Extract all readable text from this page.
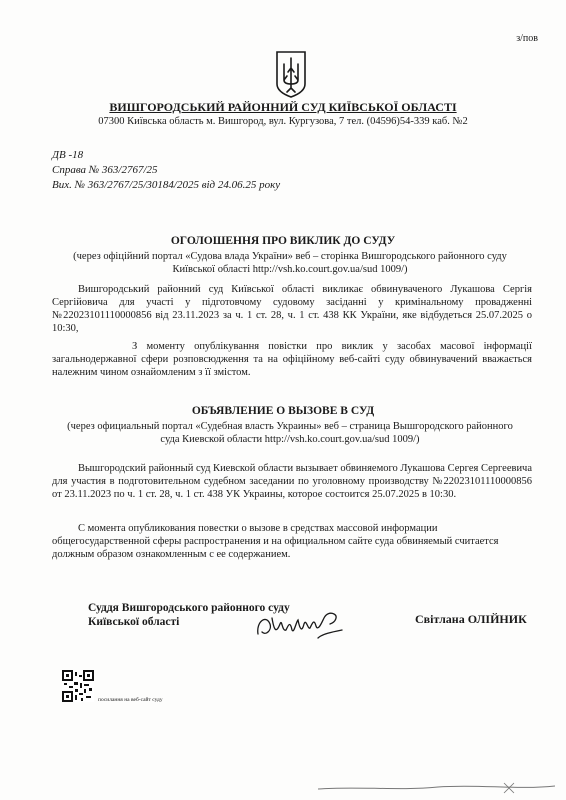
з/пов
ВИШГОРОДСЬКИЙ РАЙОННИЙ СУД КИЇВСЬКОЇ ОБЛАСТІ
07300 Київська область м. Вишгород, вул. Кургузова, 7 тел. (04596)54-339 каб. №2
ДВ -18
Справа № 363/2767/25
Вих. № 363/2767/25/30184/2025 від 24.06.25 року
ОГОЛОШЕННЯ ПРО ВИКЛИК ДО СУДУ
(через офіційний портал «Судова влада України» веб – сторінка Вишгородського районного суду Київської області http://vsh.ko.court.gov.ua/sud 1009/)
Вишгородський районний суд Київської області викликає обвинуваченого Лукашова Сергія Сергійовича для участі у підготовчому судовому засіданні у кримінальному провадженні №22023101110000856 від 23.11.2023 за ч. 1 ст. 28, ч. 1 ст. 438 КК України, яке відбудеться 25.07.2025 о 10:30,
З моменту опублікування повістки про виклик у засобах масової інформації загальнодержавної сфери розповсюдження та на офіційному веб-сайті суду обвинувачений вважається належним чином ознайомленим з її змістом.
ОБЪЯВЛЕНИЕ О ВЫЗОВЕ В СУД
(через официальный портал «Судебная власть Украины» веб – страница Вышгородского районного суда Киевской области http://vsh.ko.court.gov.ua/sud 1009/)
Вышгородский районный суд Киевской области вызывает обвиняемого Лукашова Сергея Сергеевича для участия в подготовительном судебном заседании по уголовному производству №22023101110000856 от 23.11.2023 по ч. 1 ст. 28, ч. 1 ст. 438 УК Украины, которое состоится 25.07.2025 в 10:30.
С момента опубликования повестки о вызове в средствах массовой информации общегосударственной сферы распространения и на официальном сайте суда обвиняемый считается должным образом ознакомленным с ее содержанием.
Суддя Вишгородського районного суду
Київської області	Світлана ОЛІЙНИК
посилання на веб-сайт суду
